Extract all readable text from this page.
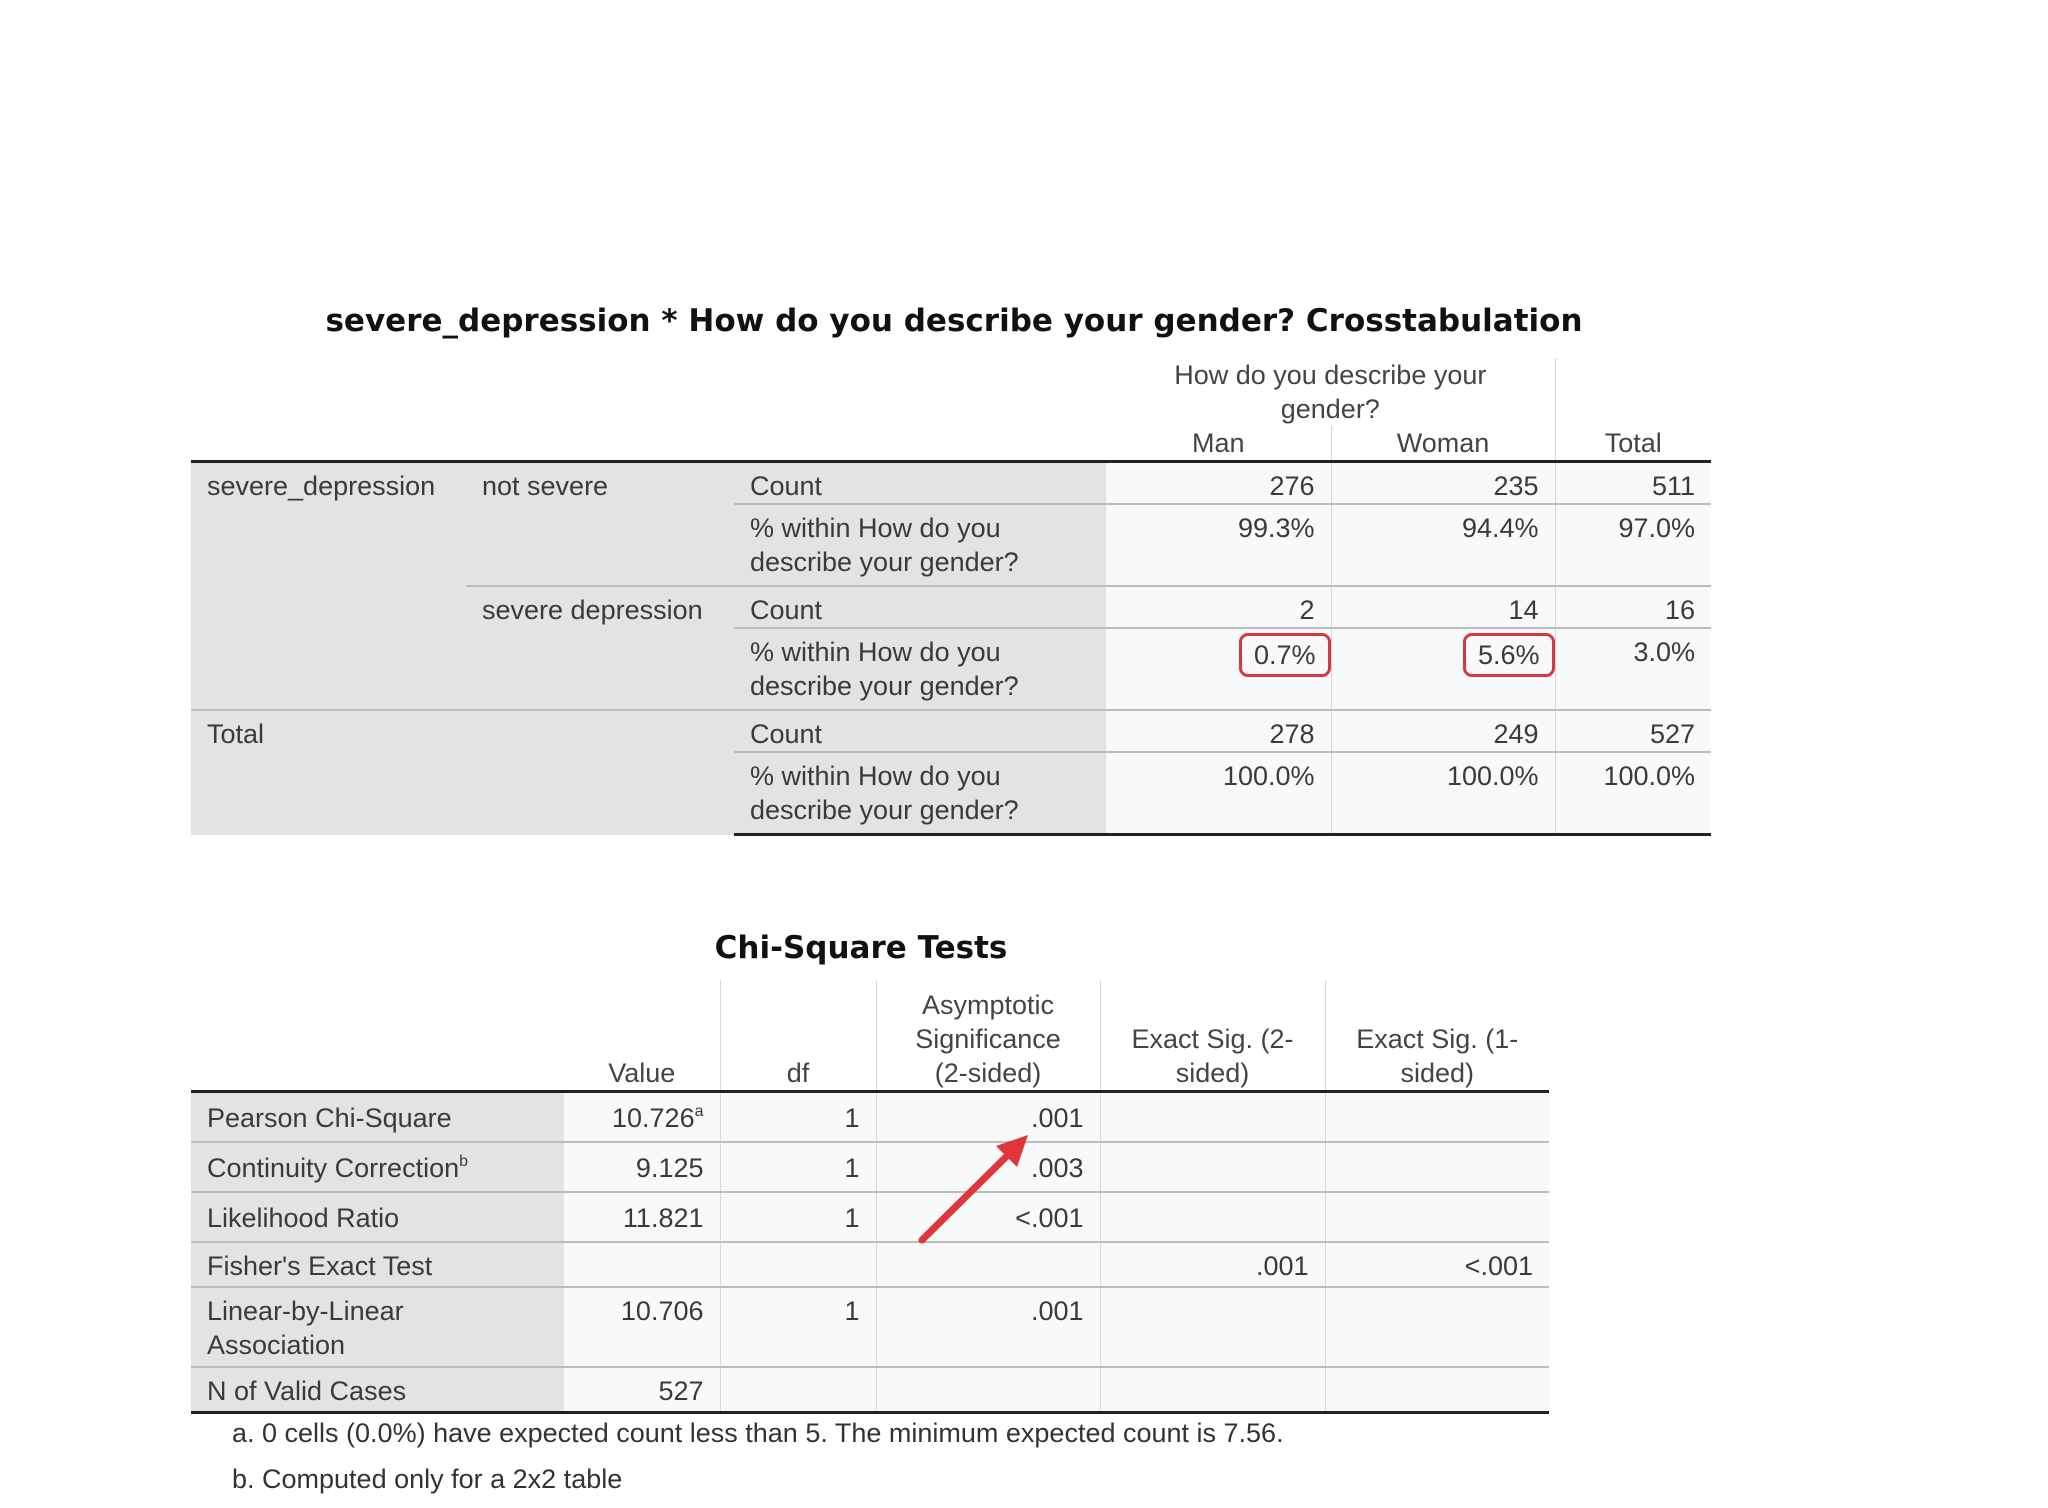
severe_depression * How do you describe your gender? Crosstabulation
			How do you describe your gender?		
			Man	Woman	Total
severe_depression	not severe	Count	276	235	511
		% within How do you describe your gender?	99.3%	94.4%	97.0%
	severe depression	Count	2	14	16
		% within How do you describe your gender?	0.7%	5.6%	3.0%
Total		Count	278	249	527
		% within How do you describe your gender?	100.0%	100.0%	100.0%
Chi-Square Tests
	Value	df	Asymptotic Significance (2-sided)	Exact Sig. (2-sided)	Exact Sig. (1-sided)
Pearson Chi-Square	10.726$^a$	1	.001		
Continuity Correction$^b$	9.125	1	.003		
Likelihood Ratio	11.821	1	<.001		
Fisher's Exact Test				.001	<.001
Linear-by-Linear Association	10.706	1	.001		
N of Valid Cases	527				
a. 0 cells (0.0%) have expected count less than 5. The minimum expected count is 7.56.
b. Computed only for a 2x2 table
